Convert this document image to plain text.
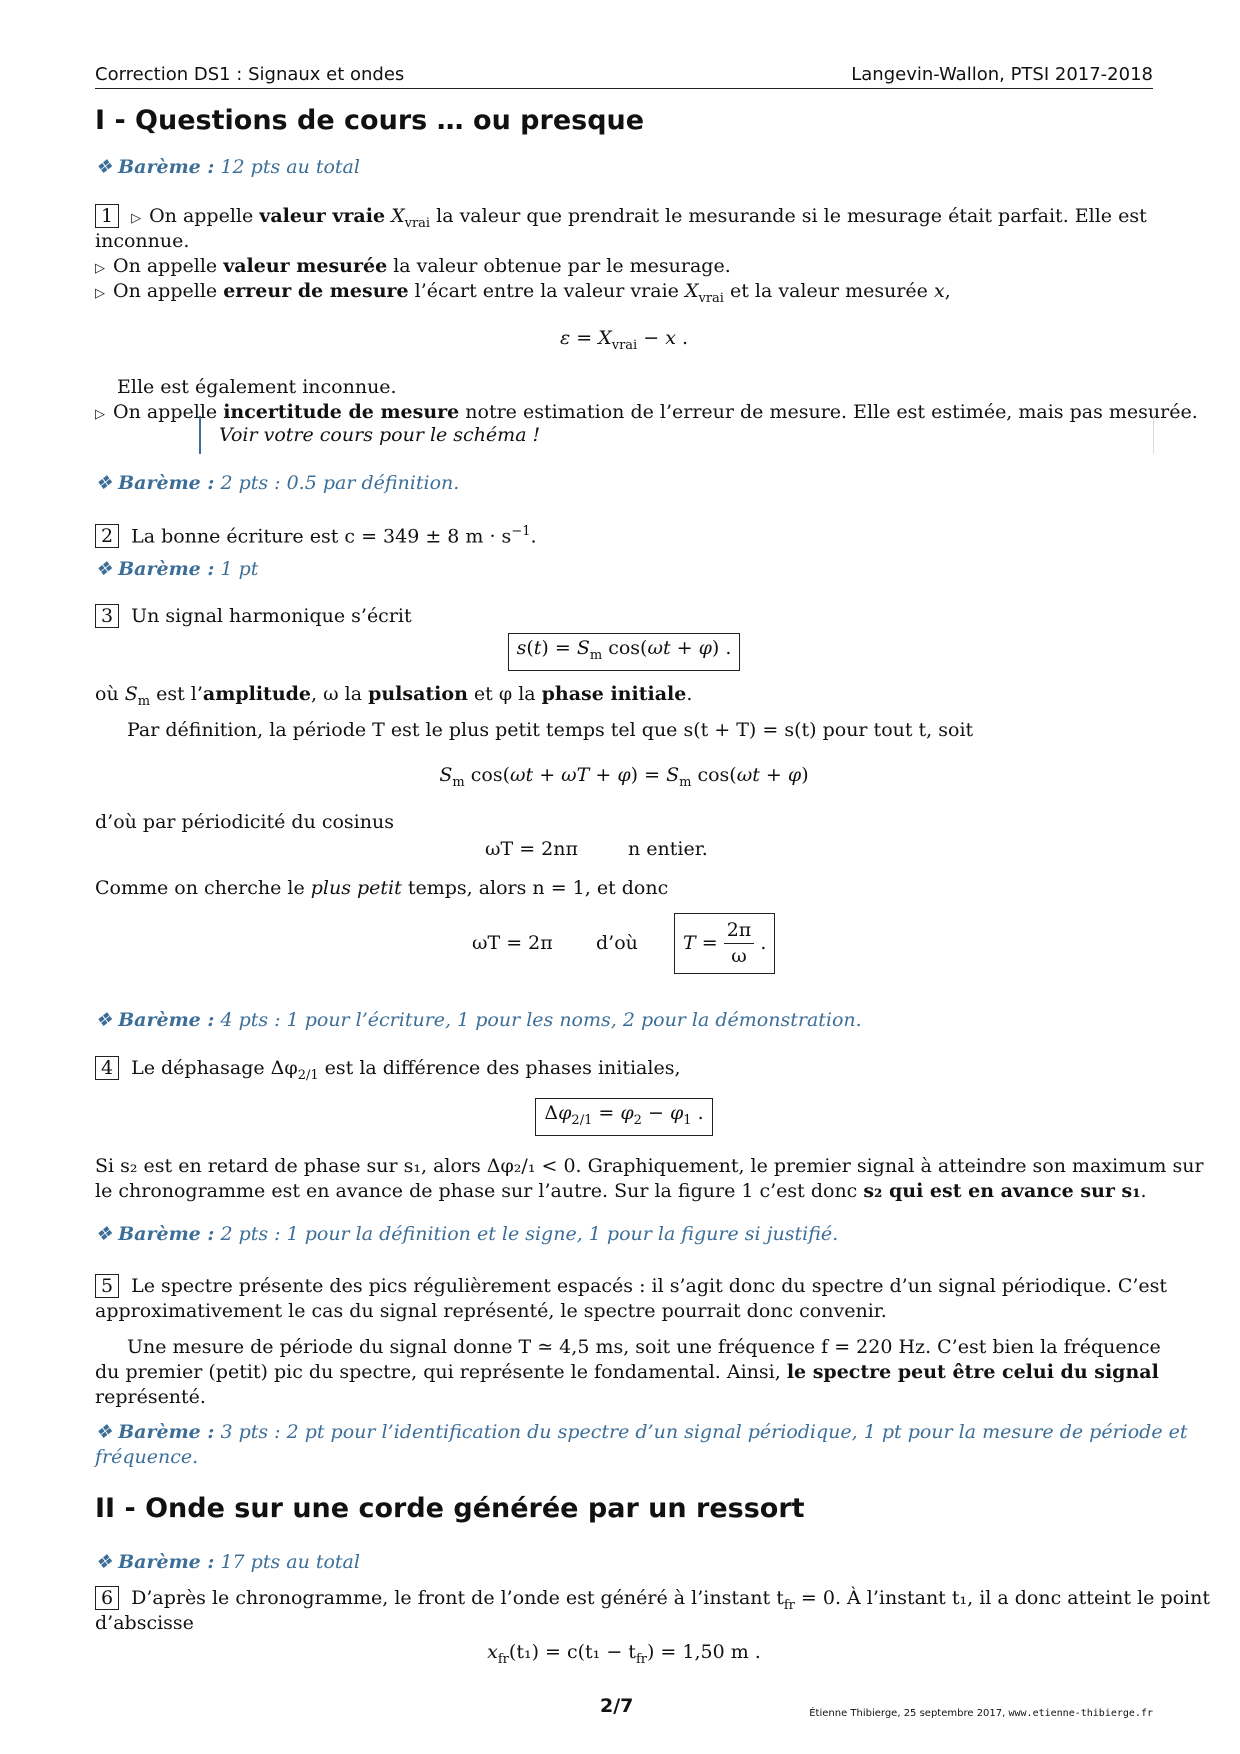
Correction DS1 : Signaux et ondes	Langevin-Wallon, PTSI 2017-2018
I - Questions de cours … ou presque
❖ Barème : 12 pts au total
1 ▷ On appelle valeur vraie $X_{vrai}$ la valeur que prendrait le mesurande si le mesurage était parfait. Elle est
inconnue.
▷ On appelle valeur mesurée la valeur obtenue par le mesurage.
▷ On appelle erreur de mesure l’écart entre la valeur vraie $X_{vrai}$ et la valeur mesurée x,
$\varepsilon = X_{vrai} - x$ .
Elle est également inconnue.
▷ On appelle incertitude de mesure notre estimation de l’erreur de mesure. Elle est estimée, mais pas mesurée.
Voir votre cours pour le schéma !
❖ Barème : 2 pts : 0.5 par définition.
2 La bonne écriture est c = 349 ± 8 $m \cdot s^{-1}$.
❖ Barème : 1 pt
3 Un signal harmonique s’écrit
$s(t) = S_m$ cos(ωt + φ) .
où $S_m$ est l’amplitude, ω la pulsation et φ la phase initiale.
Par définition, la période T est le plus petit temps tel que s(t + T) = s(t) pour tout t, soit
$S_m$ $\cos(\omega t + \omega T + \varphi) = S_m$ cos(ωt + φ)
d’où par périodicité du cosinus
ωT = 2nπ	n entier.
Comme on cherche le plus petit temps, alors n = 1, et donc
ωT = 2π d’où	$T = \frac{2\pi}{\omega}$ .
❖ Barème : 4 pts : 1 pour l’écriture, 1 pour les noms, 2 pour la démonstration.
4 Le déphasage $\Delta\varphi_{2/1}$ est la différence des phases initiales,
$\Delta\varphi_{2/1} = \varphi_2 - \varphi_1$ .
Si s₂ est en retard de phase sur s₁, alors Δφ₂/₁ < 0. Graphiquement, le premier signal à atteindre son maximum sur
le chronogramme est en avance de phase sur l’autre. Sur la figure 1 c’est donc s₂ qui est en avance sur s₁.
❖ Barème : 2 pts : 1 pour la définition et le signe, 1 pour la figure si justifié.
5 Le spectre présente des pics régulièrement espacés : il s’agit donc du spectre d’un signal périodique. C’est
approximativement le cas du signal représenté, le spectre pourrait donc convenir.
Une mesure de période du signal donne T ≃ 4,5 ms, soit une fréquence f = 220 Hz. C’est bien la fréquence
du premier (petit) pic du spectre, qui représente le fondamental. Ainsi, le spectre peut être celui du signal
représenté.
❖ Barème : 3 pts : 2 pt pour l’identification du spectre d’un signal périodique, 1 pt pour la mesure de période et
fréquence.
II - Onde sur une corde générée par un ressort
❖ Barème : 17 pts au total
6 D’après le chronogramme, le front de l’onde est généré à l’instant $t_{fr} = 0$. À l’instant t₁, il a donc atteint le point
d’abscisse
$x_{fr}(t_1) = c(t_1 - t_{fr}) = 1,50$ m .
2/7	Étienne Thibierge, 25 septembre 2017, www.etienne-thibierge.fr
